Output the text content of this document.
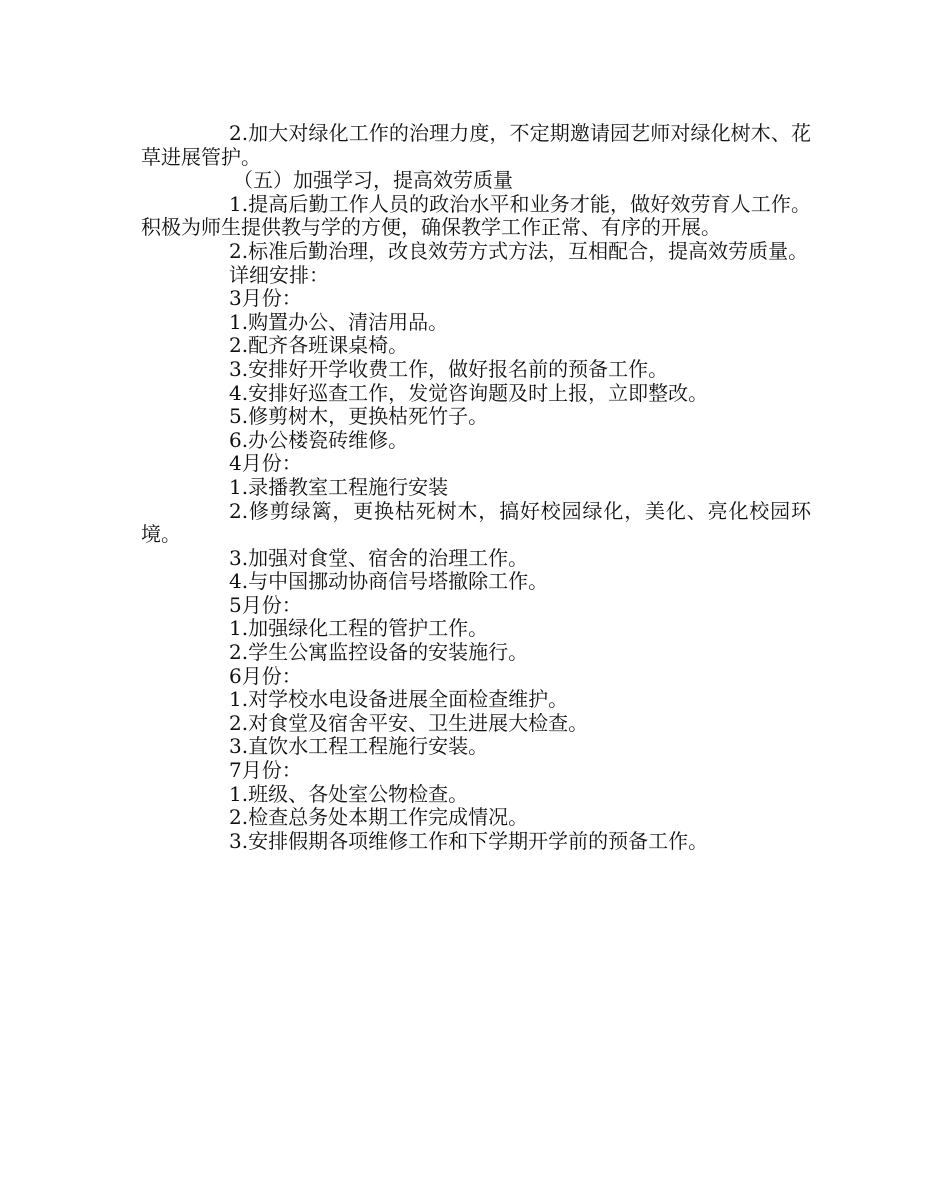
2.加大对绿化工作的治理力度，不定期邀请园艺师对绿化树木、花草进展管护。

（五）加强学习，提高效劳质量

1.提高后勤工作人员的政治水平和业务才能，做好效劳育人工作。积极为师生提供教与学的方便，确保教学工作正常、有序的开展。

2.标准后勤治理，改良效劳方式方法，互相配合，提高效劳质量。

详细安排：

3月份：

1.购置办公、清洁用品。

2.配齐各班课桌椅。

3.安排好开学收费工作，做好报名前的预备工作。

4.安排好巡查工作，发觉咨询题及时上报，立即整改。

5.修剪树木，更换枯死竹子。

6.办公楼瓷砖维修。

4月份：

1.录播教室工程施行安装

2.修剪绿篱，更换枯死树木，搞好校园绿化，美化、亮化校园环境。

3.加强对食堂、宿舍的治理工作。

4.与中国挪动协商信号塔撤除工作。

5月份：

1.加强绿化工程的管护工作。

2.学生公寓监控设备的安装施行。

6月份：

1.对学校水电设备进展全面检查维护。

2.对食堂及宿舍平安、卫生进展大检查。

3.直饮水工程工程施行安装。

7月份：

1.班级、各处室公物检查。

2.检查总务处本期工作完成情况。

3.安排假期各项维修工作和下学期开学前的预备工作。
